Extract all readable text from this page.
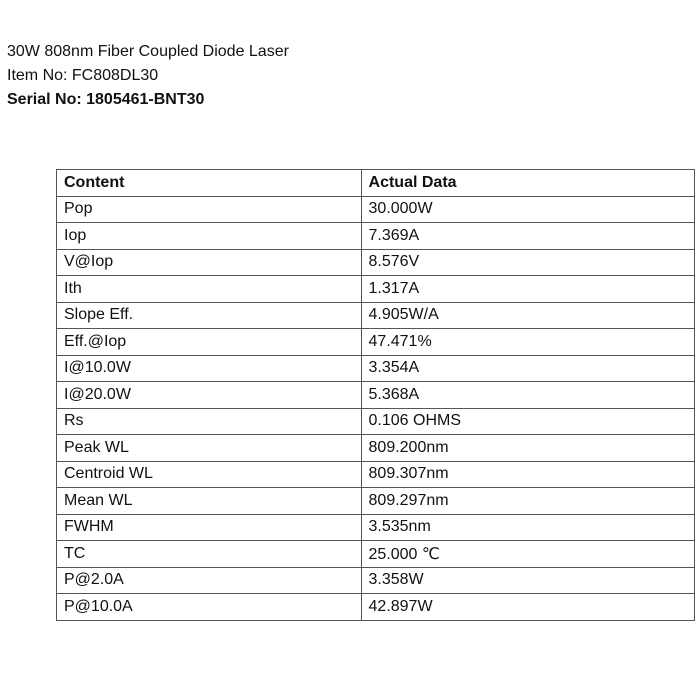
30W 808nm Fiber Coupled Diode Laser
Item No: FC808DL30
Serial No: 1805461-BNT30
Content	Actual Data
Pop	30.000W
Iop	7.369A
V@Iop	8.576V
Ith	1.317A
Slope Eff.	4.905W/A
Eff.@Iop	47.471%
I@10.0W	3.354A
I@20.0W	5.368A
Rs	0.106 OHMS
Peak WL	809.200nm
Centroid WL	809.307nm
Mean WL	809.297nm
FWHM	3.535nm
TC	25.000 ℃
P@2.0A	3.358W
P@10.0A	42.897W
